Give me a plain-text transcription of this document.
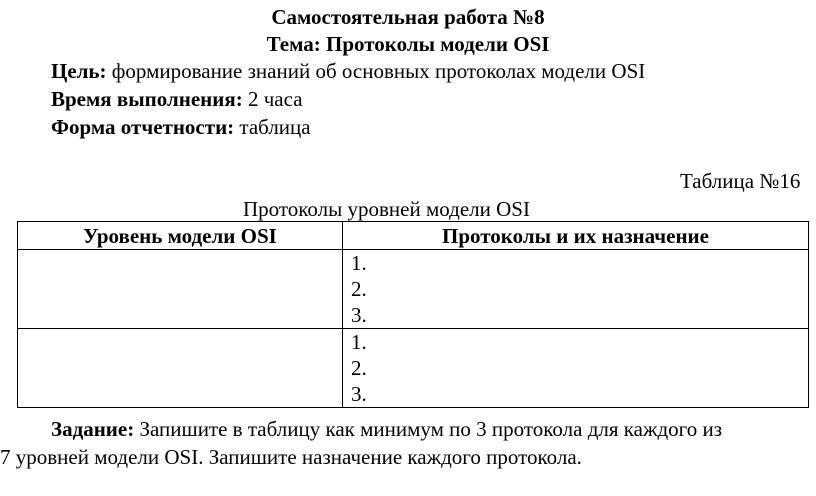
Самостоятельная работа №8
Тема: Протоколы модели OSI
Цель: формирование знаний об основных протоколах модели OSI
Время выполнения: 2 часа
Форма отчетности: таблица
Таблица №16
Протоколы уровней модели OSI
Уровень модели OSI	Протоколы и их назначение

	1.
2.
3.

	1.
2.
3.
Задание: Запишите в таблицу как минимум по 3 протокола для каждого из
7 уровней модели OSI. Запишите назначение каждого протокола.
